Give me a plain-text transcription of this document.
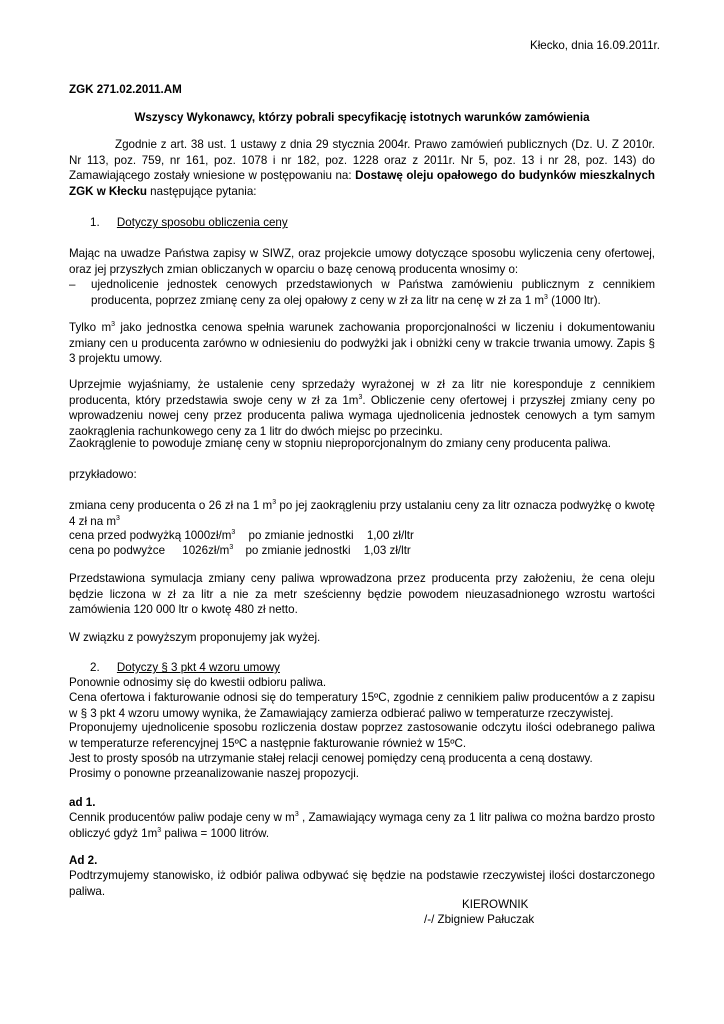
Kłecko, dnia 16.09.2011r.
ZGK 271.02.2011.AM
Wszyscy Wykonawcy, którzy pobrali specyfikację istotnych warunków zamówienia

Zgodnie z art. 38 ust. 1 ustawy z dnia 29 stycznia 2004r. Prawo zamówień publicznych (Dz. U. Z 2010r. Nr 113, poz. 759, nr 161, poz. 1078 i nr 182, poz. 1228 oraz z 2011r. Nr 5, poz. 13 i nr 28, poz. 143) do Zamawiającego zostały wniesione w postępowaniu na: Dostawę oleju opałowego do budynków mieszkalnych ZGK w Kłecku następujące pytania:

1. Dotyczy sposobu obliczenia ceny

Mając na uwadze Państwa zapisy w SIWZ, oraz projekcie umowy dotyczące sposobu wyliczenia ceny ofertowej, oraz jej przyszłych zmian obliczanych w oparciu o bazę cenową producenta wnosimy o:

– ujednolicenie jednostek cenowych przedstawionych w Państwa zamówieniu publicznym z cennikiem producenta, poprzez zmianę ceny za olej opałowy z ceny w zł za litr na cenę w zł za 1 $m^3$ (1000 ltr).

Tylko $m^3$ jako jednostka cenowa spełnia warunek zachowania proporcjonalności w liczeniu i dokumentowaniu zmiany cen u producenta zarówno w odniesieniu do podwyżki jak i obniżki ceny w trakcie trwania umowy. Zapis § 3 projektu umowy.

Uprzejmie wyjaśniamy, że ustalenie ceny sprzedaży wyrażonej w zł za litr nie koresponduje z cennikiem producenta, który przedstawia swoje ceny w zł za $1m^3$. Obliczenie ceny ofertowej i przyszłej zmiany ceny po wprowadzeniu nowej ceny przez producenta paliwa wymaga ujednolicenia jednostek cenowych a tym samym zaokrąglenia rachunkowego ceny za 1 litr do dwóch miejsc po przecinku.

Zaokrąglenie to powoduje zmianę ceny w stopniu nieproporcjonalnym do zmiany ceny producenta paliwa.

przykładowo:

zmiana ceny producenta o 26 zł na 1 $m^3$ po jej zaokrągleniu przy ustalaniu ceny za litr oznacza podwyżkę o kwotę 4 zł na $m^3$

cena przed podwyżką $1000zł/m^3$ po zmianie jednostki 1,00 zł/ltr
cena po podwyżce $1026zł/m^3$ po zmianie jednostki 1,03 zł/ltr

Przedstawiona symulacja zmiany ceny paliwa wprowadzona przez producenta przy założeniu, że cena oleju będzie liczona w zł za litr a nie za metr sześcienny będzie powodem nieuzasadnionego wzrostu wartości zamówienia 120 000 ltr o kwotę 480 zł netto.

W związku z powyższym proponujemy jak wyżej.

2. Dotyczy § 3 pkt 4 wzoru umowy

Ponownie odnosimy się do kwestii odbioru paliwa.

Cena ofertowa i fakturowanie odnosi się do temperatury 15ºC, zgodnie z cennikiem paliw producentów a z zapisu w § 3 pkt 4 wzoru umowy wynika, że Zamawiający zamierza odbierać paliwo w temperaturze rzeczywistej.

Proponujemy ujednolicenie sposobu rozliczenia dostaw poprzez zastosowanie odczytu ilości odebranego paliwa w temperaturze referencyjnej 15ºC a następnie fakturowanie również w 15ºC.

Jest to prosty sposób na utrzymanie stałej relacji cenowej pomiędzy ceną producenta a ceną dostawy.

Prosimy o ponowne przeanalizowanie naszej propozycji.

ad 1.

Cennik producentów paliw podaje ceny w $m^3$ , Zamawiający wymaga ceny za 1 litr paliwa co można bardzo prosto obliczyć gdyż $1m^3$ paliwa = 1000 litrów.

Ad 2.

Podtrzymujemy stanowisko, iż odbiór paliwa odbywać się będzie na podstawie rzeczywistej ilości dostarczonego paliwa.

KIEROWNIK
/-/ Zbigniew Pałuczak
